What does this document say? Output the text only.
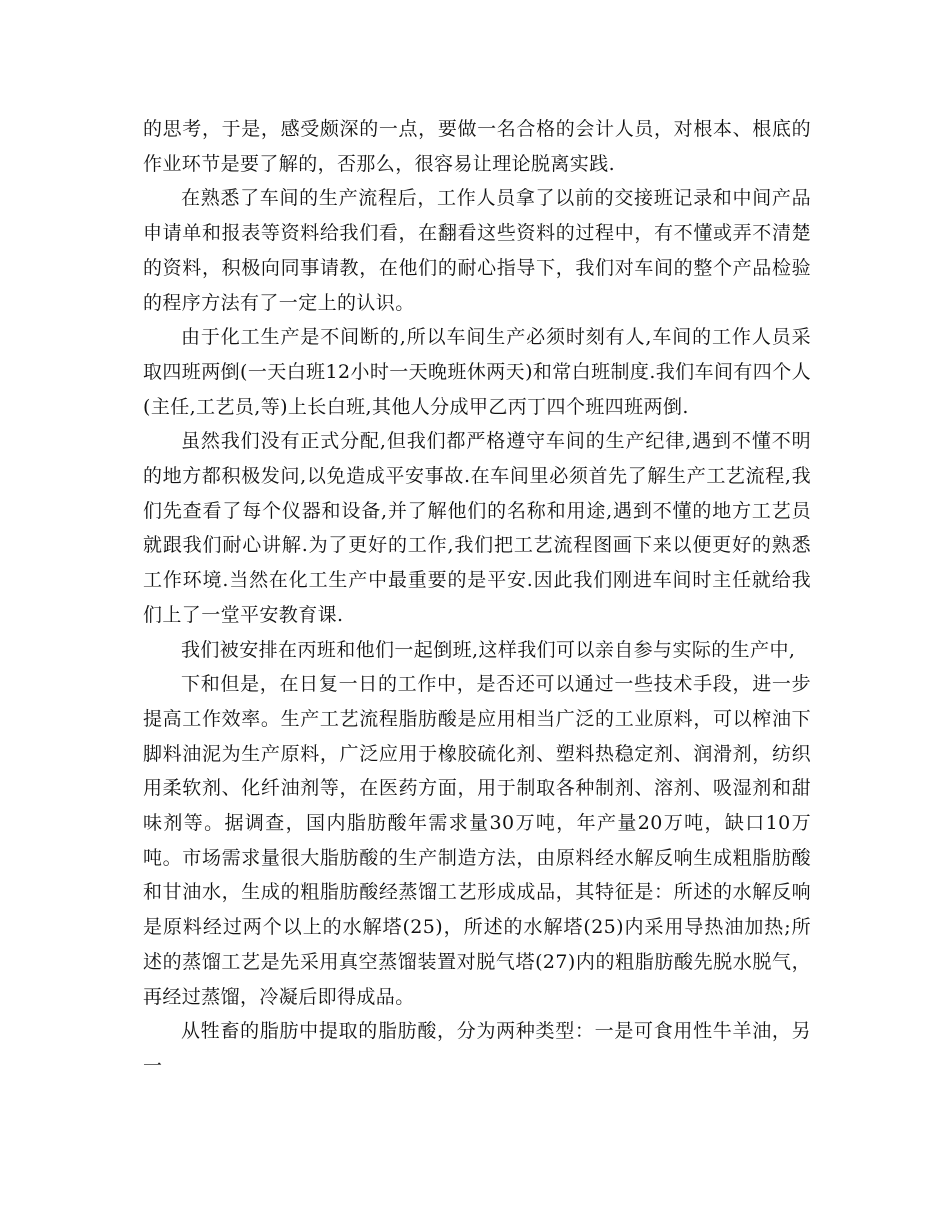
的思考，于是，感受颇深的一点，要做一名合格的会计人员，对根本、根底的作业环节是要了解的，否那么，很容易让理论脱离实践.

在熟悉了车间的生产流程后，工作人员拿了以前的交接班记录和中间产品申请单和报表等资料给我们看，在翻看这些资料的过程中，有不懂或弄不清楚的资料，积极向同事请教，在他们的耐心指导下，我们对车间的整个产品检验的程序方法有了一定上的认识。

由于化工生产是不间断的,所以车间生产必须时刻有人,车间的工作人员采取四班两倒(一天白班12小时一天晚班休两天)和常白班制度.我们车间有四个人(主任,工艺员,等)上长白班,其他人分成甲乙丙丁四个班四班两倒.

虽然我们没有正式分配,但我们都严格遵守车间的生产纪律,遇到不懂不明的地方都积极发问,以免造成平安事故.在车间里必须首先了解生产工艺流程,我们先查看了每个仪器和设备,并了解他们的名称和用途,遇到不懂的地方工艺员就跟我们耐心讲解.为了更好的工作,我们把工艺流程图画下来以便更好的熟悉工作环境.当然在化工生产中最重要的是平安.因此我们刚进车间时主任就给我们上了一堂平安教育课.

我们被安排在丙班和他们一起倒班,这样我们可以亲自参与实际的生产中,

下和但是，在日复一日的工作中，是否还可以通过一些技术手段，进一步提高工作效率。生产工艺流程脂肪酸是应用相当广泛的工业原料，可以榨油下脚料油泥为生产原料，广泛应用于橡胶硫化剂、塑料热稳定剂、润滑剂，纺织用柔软剂、化纤油剂等，在医药方面，用于制取各种制剂、溶剂、吸湿剂和甜味剂等。据调查，国内脂肪酸年需求量30万吨，年产量20万吨，缺口10万吨。市场需求量很大脂肪酸的生产制造方法，由原料经水解反响生成粗脂肪酸和甘油水，生成的粗脂肪酸经蒸馏工艺形成成品，其特征是：所述的水解反响是原料经过两个以上的水解塔(25)，所述的水解塔(25)内采用导热油加热;所述的蒸馏工艺是先采用真空蒸馏装置对脱气塔(27)内的粗脂肪酸先脱水脱气，再经过蒸馏，冷凝后即得成品。

从牲畜的脂肪中提取的脂肪酸，分为两种类型：一是可食用性牛羊油，另一
